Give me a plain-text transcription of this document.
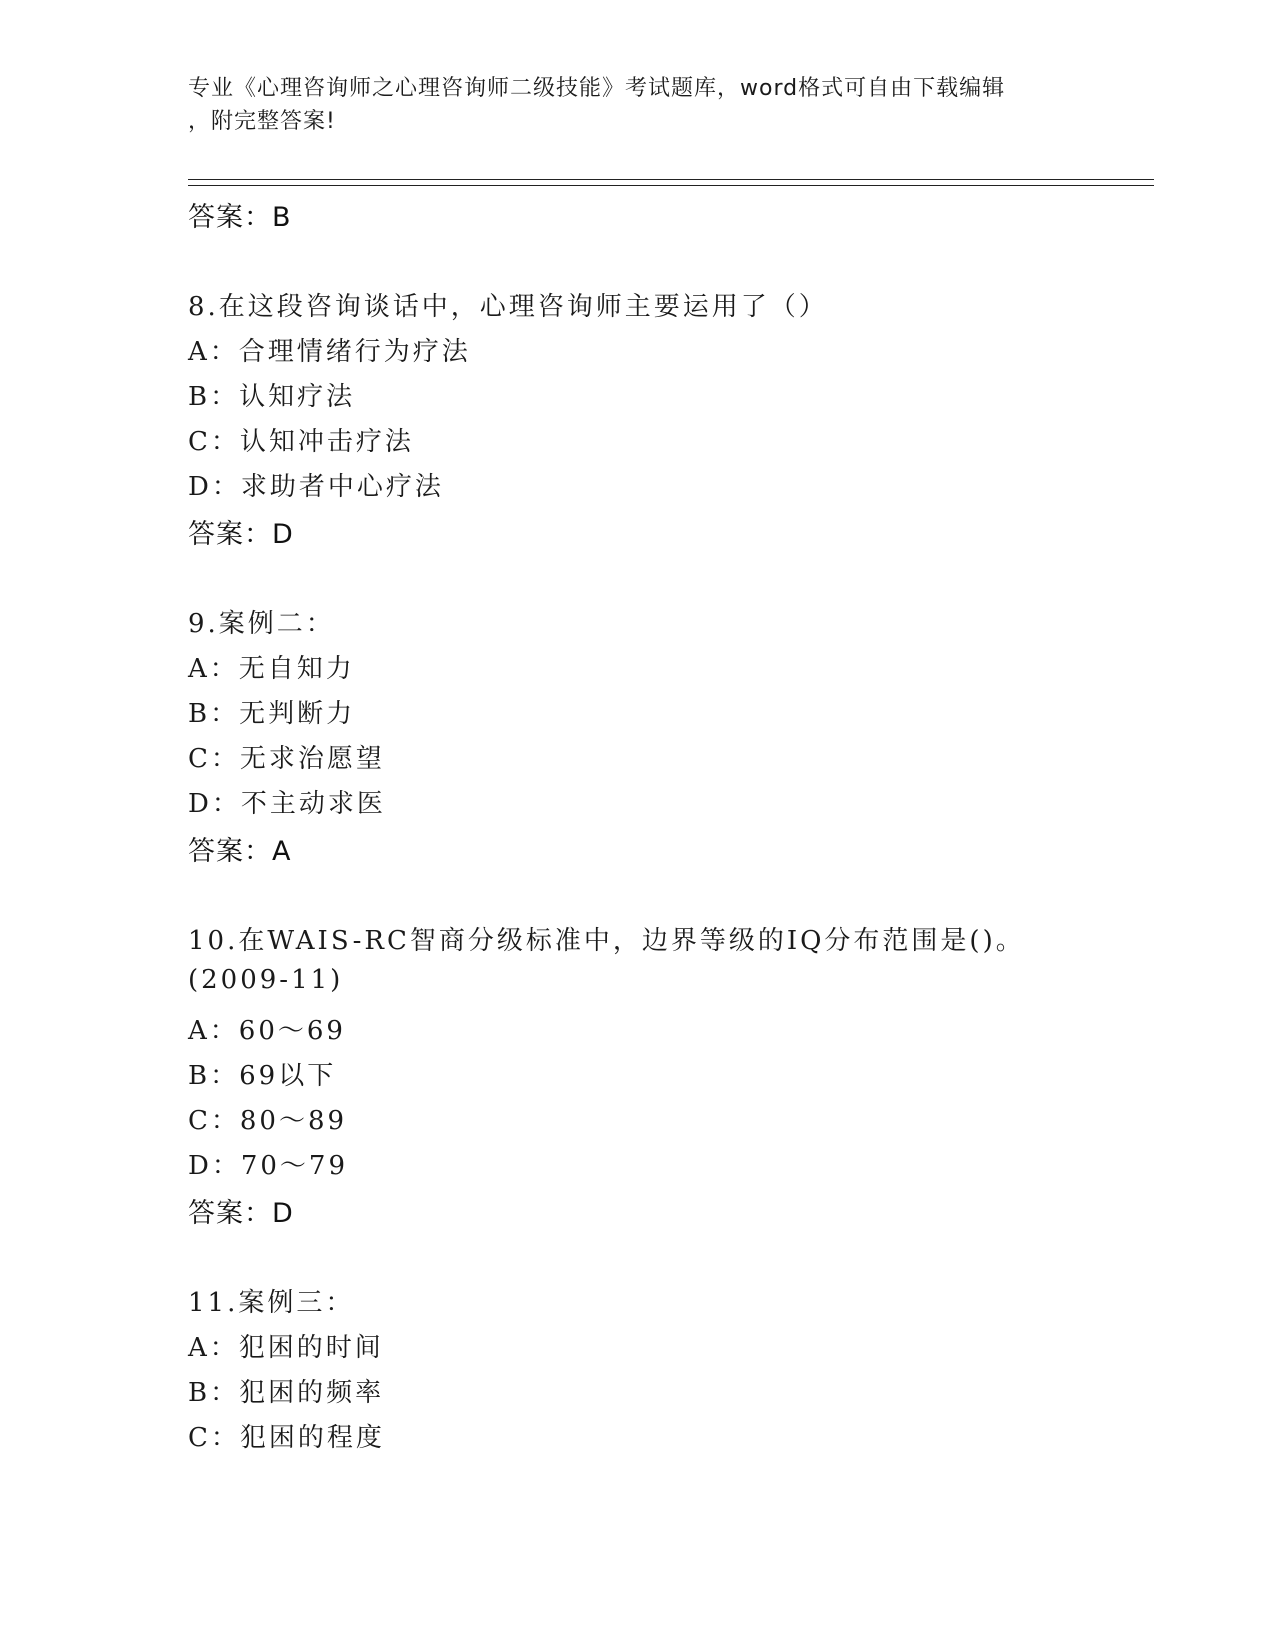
专业《心理咨询师之心理咨询师二级技能》考试题库，word格式可自由下载编辑
，附完整答案!
答案：B
8.在这段咨询谈话中，心理咨询师主要运用了（）
A：合理情绪行为疗法
B：认知疗法
C：认知冲击疗法
D：求助者中心疗法
答案：D
9.案例二：
A：无自知力
B：无判断力
C：无求治愿望
D：不主动求医
答案：A
10.在WAIS-RC智商分级标准中，边界等级的IQ分布范围是()。
(2009-11)
A：60～69
B：69以下
C：80～89
D：70～79
答案：D
11.案例三：
A：犯困的时间
B：犯困的频率
C：犯困的程度
